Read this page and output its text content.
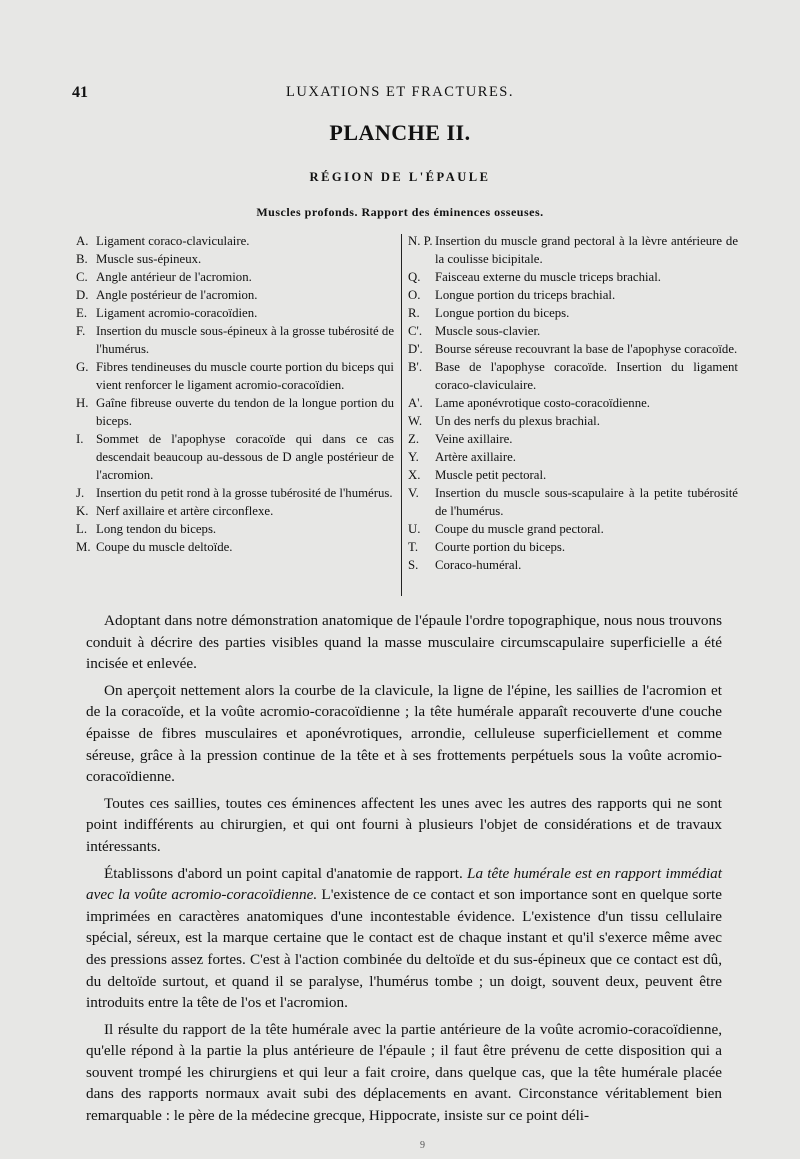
41	LUXATIONS ET FRACTURES.
PLANCHE II.
RÉGION DE L'ÉPAULE
Muscles profonds. Rapport des éminences osseuses.
A. Ligament coraco-claviculaire.
B. Muscle sus-épineux.
C. Angle antérieur de l'acromion.
D. Angle postérieur de l'acromion.
E. Ligament acromio-coracoïdien.
F. Insertion du muscle sous-épineux à la grosse tubérosité de l'humérus.
G. Fibres tendineuses du muscle courte portion du biceps qui vient renforcer le ligament acromio-coracoïdien.
H. Gaîne fibreuse ouverte du tendon de la longue portion du biceps.
I. Sommet de l'apophyse coracoïde qui dans ce cas descendait beaucoup au-dessous de D angle postérieur de l'acromion.
J. Insertion du petit rond à la grosse tubérosité de l'humérus.
K. Nerf axillaire et artère circonflexe.
L. Long tendon du biceps.
M. Coupe du muscle deltoïde.
N. P. Insertion du muscle grand pectoral à la lèvre antérieure de la coulisse bicipitale.
Q.	Faisceau externe du muscle triceps brachial.
O.	Longue portion du triceps brachial.
R.	Longue portion du biceps.
C'.	Muscle sous-clavier.
D'. Bourse séreuse recouvrant la base de l'apophyse coracoïde.
B'.	Base de l'apophyse coracoïde. Insertion du ligament coraco-claviculaire.
A'. Lame aponévrotique costo-coracoïdienne.
W.	Un des nerfs du plexus brachial.
Z.	Veine axillaire.
Y.	Artère axillaire.
X.	Muscle petit pectoral.
V.	Insertion du muscle sous-scapulaire à la petite tubérosité de l'humérus.
U.	Coupe du muscle grand pectoral.
T.	Courte portion du biceps.
S.	Coraco-huméral.

Adoptant dans notre démonstration anatomique de l'épaule l'ordre topographique, nous nous trouvons conduit à décrire des parties visibles quand la masse musculaire circumscapulaire superficielle a été incisée et enlevée.

On aperçoit nettement alors la courbe de la clavicule, la ligne de l'épine, les saillies de l'acromion et de la coracoïde, et la voûte acromio-coracoïdienne ; la tête humérale apparaît recouverte d'une couche épaisse de fibres musculaires et aponévrotiques, arrondie, celluleuse superficiellement et comme séreuse, grâce à la pression continue de la tête et à ses frottements perpétuels sous la voûte acromio-coracoïdienne.

Toutes ces saillies, toutes ces éminences affectent les unes avec les autres des rapports qui ne sont point indifférents au chirurgien, et qui ont fourni à plusieurs l'objet de considérations et de travaux intéressants.

Établissons d'abord un point capital d'anatomie de rapport. La tête humérale est en rapport immédiat avec la voûte acromio-coracoïdienne. L'existence de ce contact et son importance sont en quelque sorte imprimées en caractères anatomiques d'une incontestable évidence. L'existence d'un tissu cellulaire spécial, séreux, est la marque certaine que le contact est de chaque instant et qu'il s'exerce même avec des pressions assez fortes. C'est à l'action combinée du deltoïde et du sus-épineux que ce contact est dû, du deltoïde surtout, et quand il se paralyse, l'humérus tombe ; un doigt, souvent deux, peuvent être introduits entre la tête de l'os et l'acromion.

Il résulte du rapport de la tête humérale avec la partie antérieure de la voûte acromio-coracoïdienne, qu'elle répond à la partie la plus antérieure de l'épaule ; il faut être prévenu de cette disposition qui a souvent trompé les chirurgiens et qui leur a fait croire, dans quelque cas, que la tête humérale placée dans des rapports normaux avait subi des déplacements en avant. Circonstance véritablement bien remarquable : le père de la médecine grecque, Hippocrate, insiste sur ce point déli-

9
